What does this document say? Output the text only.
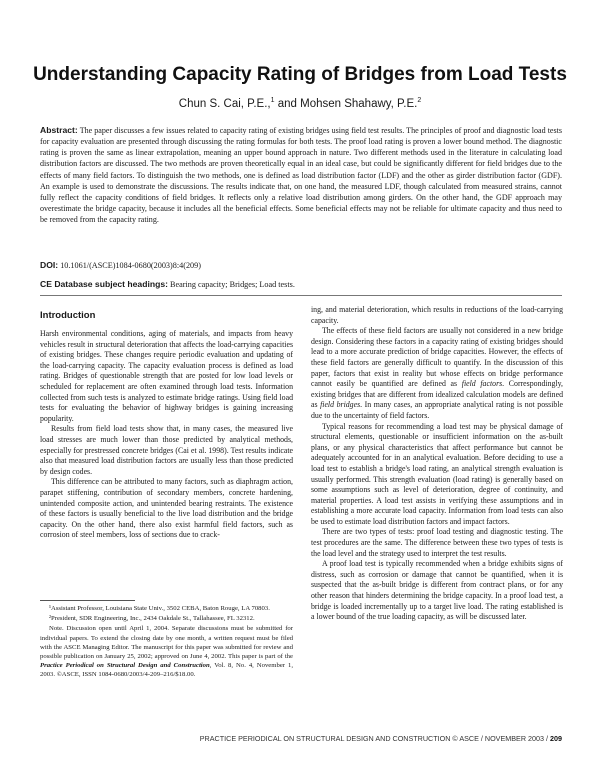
Understanding Capacity Rating of Bridges from Load Tests
Chun S. Cai, P.E.,$^1$ and Mohsen Shahawy, P.E.$^2$
Abstract: The paper discusses a few issues related to capacity rating of existing bridges using field test results. The principles of proof and diagnostic load tests for capacity evaluation are presented through discussing the rating formulas for both tests. The proof load rating is proven a lower bound method. The diagnostic rating is proven the same as linear extrapolation, meaning an upper bound approach in nature. Two different methods used in the literature in calculating load distribution factors are discussed. The two methods are proven theoretically equal in an ideal case, but could be significantly different for field bridges due to the effects of many field factors. To distinguish the two methods, one is defined as load distribution factor (LDF) and the other as girder distribution factor (GDF). An example is used to demonstrate the discussions. The results indicate that, on one hand, the measured LDF, though calculated from measured strains, cannot fully reflect the capacity conditions of field bridges. It reflects only a relative load distribution among girders. On the other hand, the GDF approach may overestimate the bridge capacity, because it includes all the beneficial effects. Some beneficial effects may not be reliable for ultimate capacity and thus need to be removed from the capacity rating.
DOI: 10.1061/(ASCE)1084-0680(2003)8:4(209)
CE Database subject headings: Bearing capacity; Bridges; Load tests.
Introduction

Harsh environmental conditions, aging of materials, and impacts from heavy vehicles result in structural deterioration that affects the load-carrying capacities of existing bridges. These changes require periodic evaluation and updating of the load-carrying capacity. The capacity evaluation process is defined as load rating. Bridges of questionable strength that are posted for low load levels or scheduled for replacement are often examined through load tests. Information collected from such tests is analyzed to estimate bridge ratings. Using field load tests for evaluating the behavior of highway bridges is gaining increasing popularity.

Results from field load tests show that, in many cases, the measured live load stresses are much lower than those predicted by analytical methods, especially for prestressed concrete bridges (Cai et al. 1998). Test results indicate also that measured load distribution factors are usually less than those predicted by design codes.

This difference can be attributed to many factors, such as diaphragm action, parapet stiffening, contribution of secondary members, concrete hardening, unintended composite action, and unintended bearing restraints. The existence of these factors is usually beneficial to the live load distribution and the bridge capacity. On the other hand, there also exist harmful field factors, such as corrosion of steel members, loss of sections due to crack-

¹Assistant Professor, Louisiana State Univ., 3502 CEBA, Baton Rouge, LA 70803.

²President, SDR Engineering, Inc., 2434 Oakdale St., Tallahassee, FL 32312.

Note. Discussion open until April 1, 2004. Separate discussions must be submitted for individual papers. To extend the closing date by one month, a written request must be filed with the ASCE Managing Editor. The manuscript for this paper was submitted for review and possible publication on January 25, 2002; approved on June 4, 2002. This paper is part of the Practice Periodical on Structural Design and Construction, Vol. 8, No. 4, November 1, 2003. ©ASCE, ISSN 1084-0680/2003/4-209–216/$18.00.

ing, and material deterioration, which results in reductions of the load-carrying capacity.

The effects of these field factors are usually not considered in a new bridge design. Considering these factors in a capacity rating of existing bridges should lead to a more accurate prediction of bridge capacities. However, the effects of these field factors are generally difficult to quantify. In the discussion of this paper, factors that exist in reality but whose effects on bridge performance cannot easily be quantified are defined as field factors. Correspondingly, existing bridges that are different from idealized calculation models are defined as field bridges. In many cases, an appropriate analytical rating is not possible due to the uncertainty of field factors.

Typical reasons for recommending a load test may be physical damage of structural elements, questionable or insufficient information on the as-built plans, or any physical characteristics that affect performance but cannot be adequately accounted for in an analytical evaluation. Before deciding to use a load test to establish a bridge's load rating, an analytical strength evaluation is usually performed. This strength evaluation (load rating) is generally based on some assumptions such as level of deterioration, degree of continuity, and material properties. A load test assists in verifying these assumptions and in establishing a more accurate load capacity. Information from load tests can also be used to estimate load distribution factors and impact factors.

There are two types of tests: proof load testing and diagnostic testing. The test procedures are the same. The difference between these two types of tests is the load level and the strategy used to interpret the test results.

A proof load test is typically recommended when a bridge exhibits signs of distress, such as corrosion or damage that cannot be quantified, when it is suspected that the as-built bridge is different from contract plans, or for any other reason that hinders determining the bridge capacity. In a proof load test, a bridge is loaded incrementally up to a target live load. The rating established is a lower bound of the true loading capacity, as will be discussed later.

PRACTICE PERIODICAL ON STRUCTURAL DESIGN AND CONSTRUCTION © ASCE / NOVEMBER 2003 / 209
